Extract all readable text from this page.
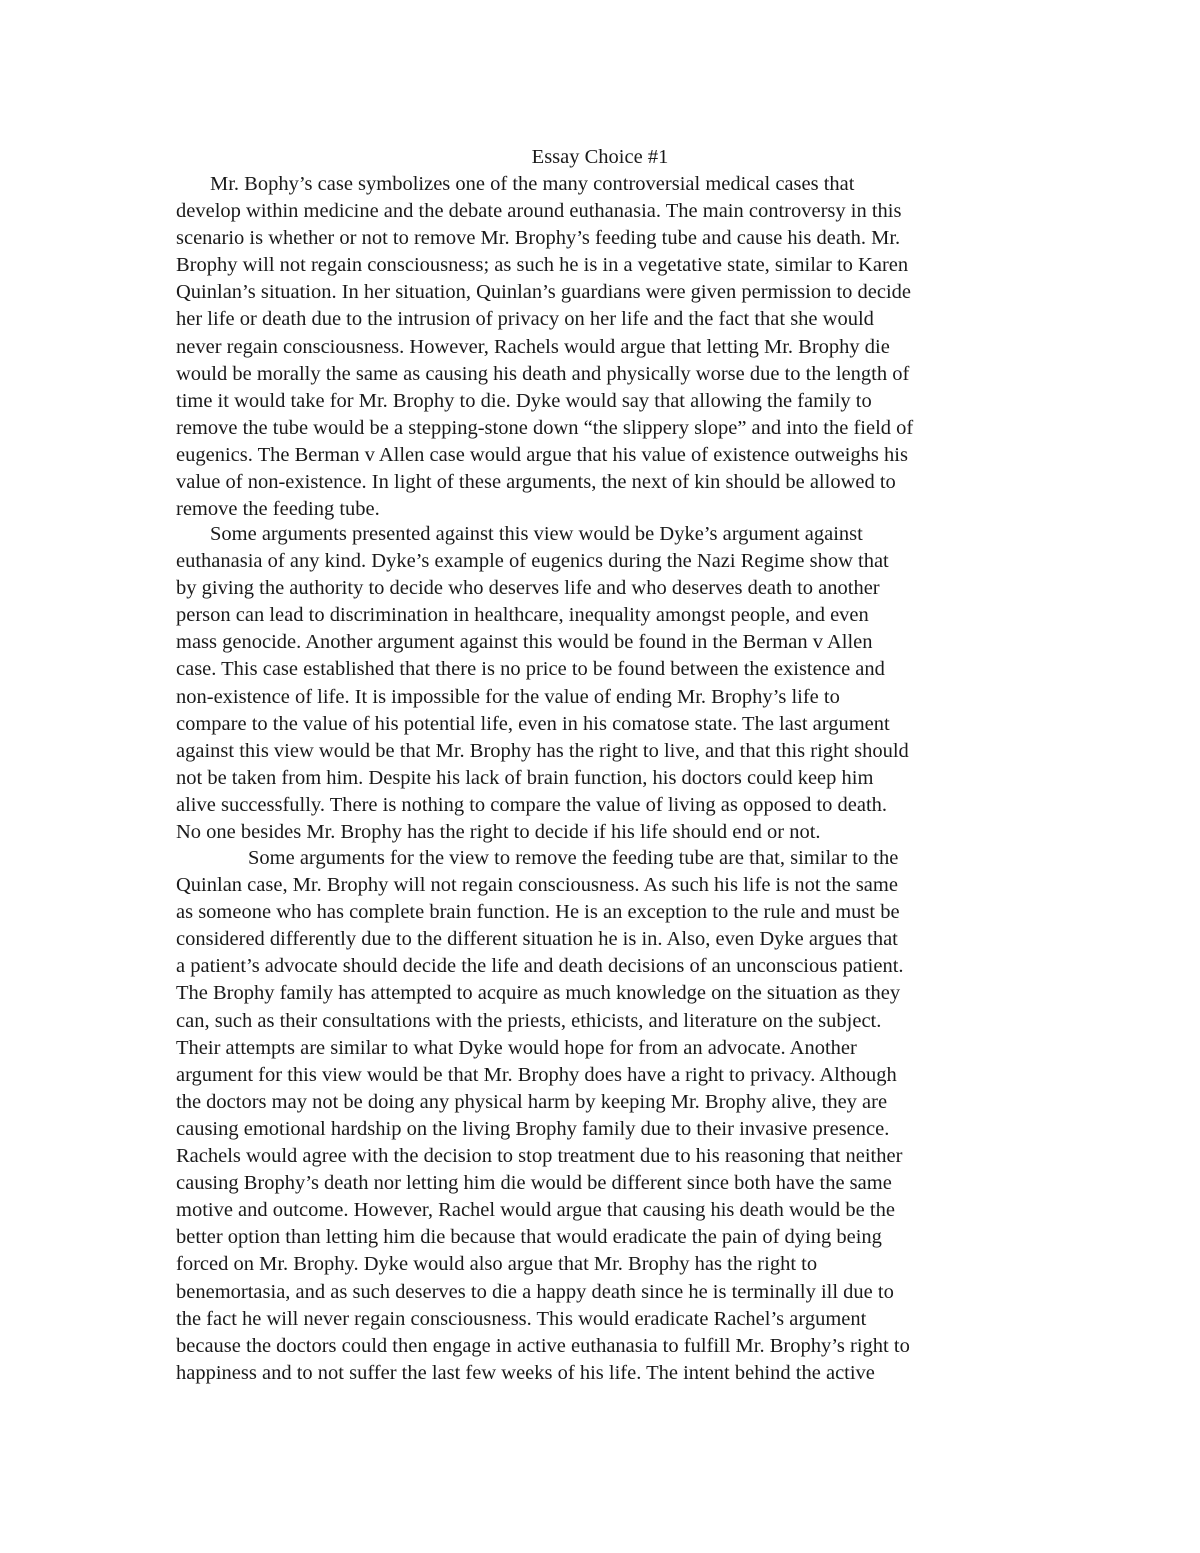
Essay Choice #1
Mr. Bophy’s case symbolizes one of the many controversial medical cases that
develop within medicine and the debate around euthanasia. The main controversy in this
scenario is whether or not to remove Mr. Brophy’s feeding tube and cause his death. Mr.
Brophy will not regain consciousness; as such he is in a vegetative state, similar to Karen
Quinlan’s situation. In her situation, Quinlan’s guardians were given permission to decide
her life or death due to the intrusion of privacy on her life and the fact that she would
never regain consciousness. However, Rachels would argue that letting Mr. Brophy die
would be morally the same as causing his death and physically worse due to the length of
time it would take for Mr. Brophy to die. Dyke would say that allowing the family to
remove the tube would be a stepping-stone down “the slippery slope” and into the field of
eugenics. The Berman v Allen case would argue that his value of existence outweighs his
value of non-existence. In light of these arguments, the next of kin should be allowed to
remove the feeding tube.
Some arguments presented against this view would be Dyke’s argument against
euthanasia of any kind. Dyke’s example of eugenics during the Nazi Regime show that
by giving the authority to decide who deserves life and who deserves death to another
person can lead to discrimination in healthcare, inequality amongst people, and even
mass genocide. Another argument against this would be found in the Berman v Allen
case. This case established that there is no price to be found between the existence and
non-existence of life. It is impossible for the value of ending Mr. Brophy’s life to
compare to the value of his potential life, even in his comatose state. The last argument
against this view would be that Mr. Brophy has the right to live, and that this right should
not be taken from him. Despite his lack of brain function, his doctors could keep him
alive successfully. There is nothing to compare the value of living as opposed to death.
No one besides Mr. Brophy has the right to decide if his life should end or not.
Some arguments for the view to remove the feeding tube are that, similar to the
Quinlan case, Mr. Brophy will not regain consciousness. As such his life is not the same
as someone who has complete brain function. He is an exception to the rule and must be
considered differently due to the different situation he is in. Also, even Dyke argues that
a patient’s advocate should decide the life and death decisions of an unconscious patient.
The Brophy family has attempted to acquire as much knowledge on the situation as they
can, such as their consultations with the priests, ethicists, and literature on the subject.
Their attempts are similar to what Dyke would hope for from an advocate. Another
argument for this view would be that Mr. Brophy does have a right to privacy. Although
the doctors may not be doing any physical harm by keeping Mr. Brophy alive, they are
causing emotional hardship on the living Brophy family due to their invasive presence.
Rachels would agree with the decision to stop treatment due to his reasoning that neither
causing Brophy’s death nor letting him die would be different since both have the same
motive and outcome. However, Rachel would argue that causing his death would be the
better option than letting him die because that would eradicate the pain of dying being
forced on Mr. Brophy. Dyke would also argue that Mr. Brophy has the right to
benemortasia, and as such deserves to die a happy death since he is terminally ill due to
the fact he will never regain consciousness. This would eradicate Rachel’s argument
because the doctors could then engage in active euthanasia to fulfill Mr. Brophy’s right to
happiness and to not suffer the last few weeks of his life. The intent behind the active
